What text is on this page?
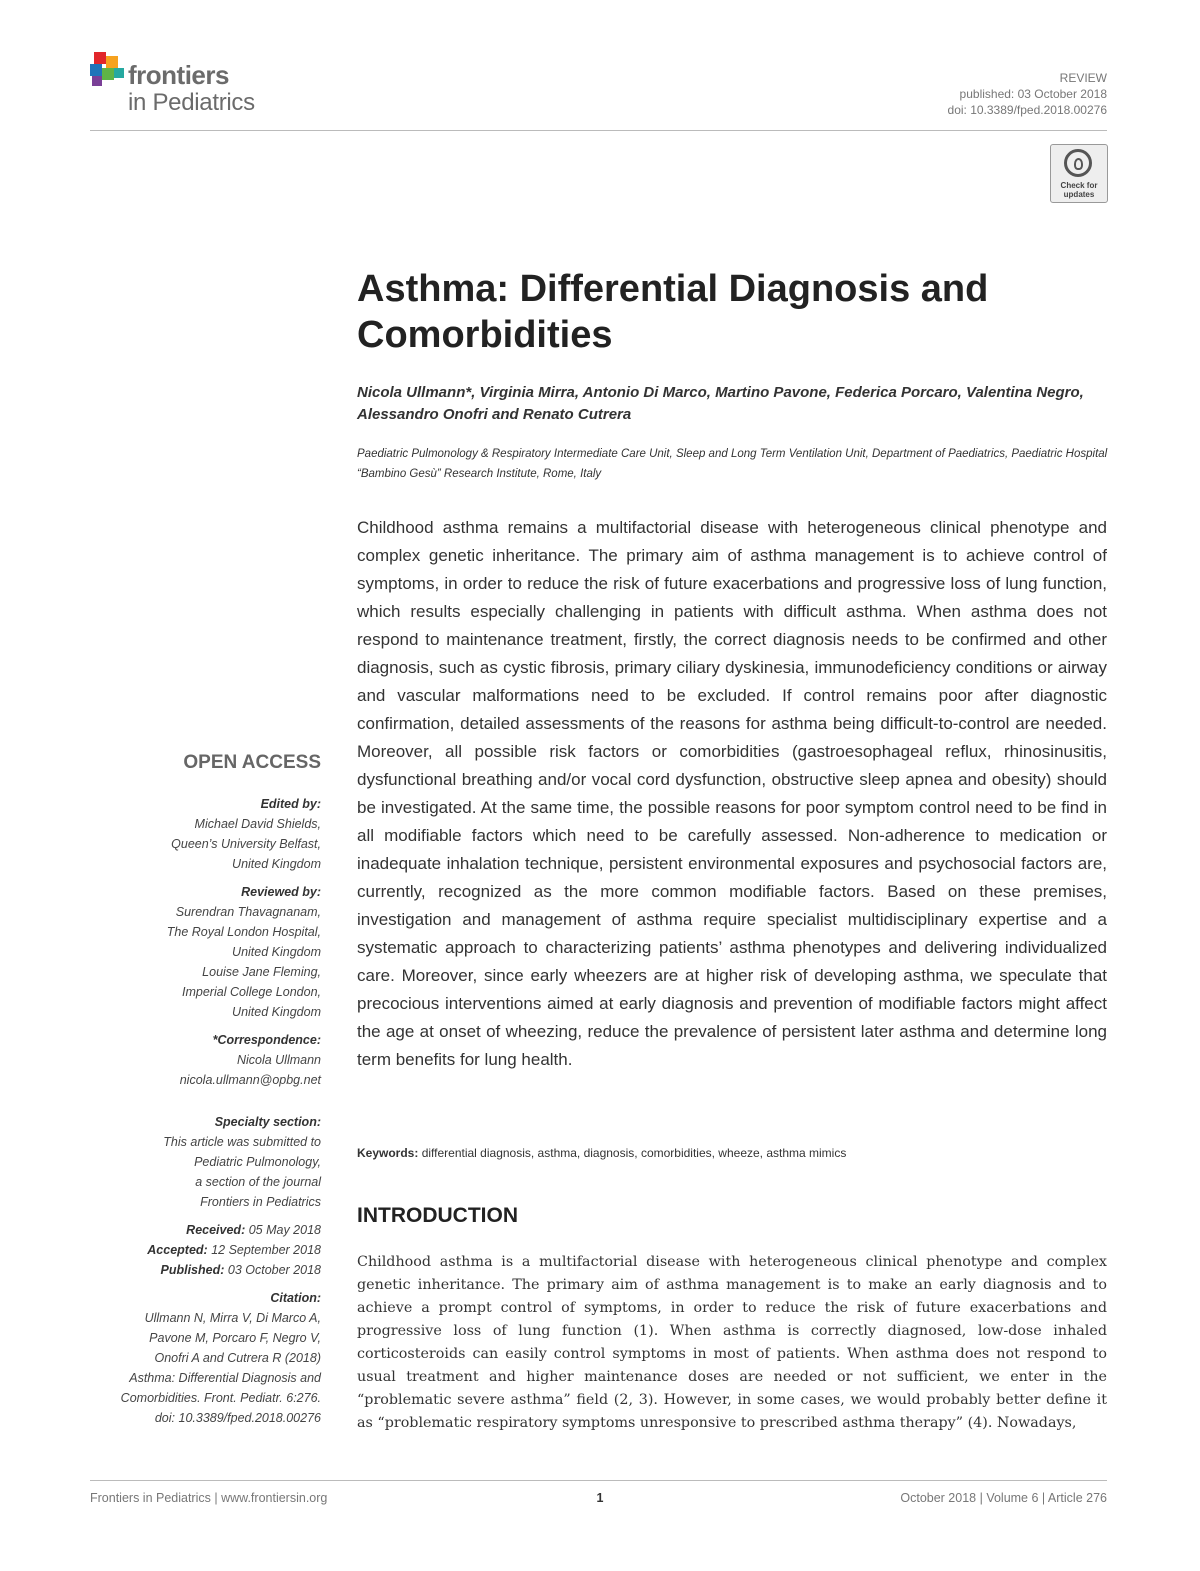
frontiers
in Pediatrics
REVIEW
published: 03 October 2018
doi: 10.3389/fped.2018.00276
Check for updates
Asthma: Differential Diagnosis and Comorbidities
Nicola Ullmann*, Virginia Mirra, Antonio Di Marco, Martino Pavone, Federica Porcaro, Valentina Negro, Alessandro Onofri and Renato Cutrera
Paediatric Pulmonology & Respiratory Intermediate Care Unit, Sleep and Long Term Ventilation Unit, Department of Paediatrics, Paediatric Hospital “Bambino Gesù” Research Institute, Rome, Italy
Childhood asthma remains a multifactorial disease with heterogeneous clinical phenotype and complex genetic inheritance. The primary aim of asthma management is to achieve control of symptoms, in order to reduce the risk of future exacerbations and progressive loss of lung function, which results especially challenging in patients with difficult asthma. When asthma does not respond to maintenance treatment, firstly, the correct diagnosis needs to be confirmed and other diagnosis, such as cystic fibrosis, primary ciliary dyskinesia, immunodeficiency conditions or airway and vascular malformations need to be excluded. If control remains poor after diagnostic confirmation, detailed assessments of the reasons for asthma being difficult-to-control are needed. Moreover, all possible risk factors or comorbidities (gastroesophageal reflux, rhinosinusitis, dysfunctional breathing and/or vocal cord dysfunction, obstructive sleep apnea and obesity) should be investigated. At the same time, the possible reasons for poor symptom control need to be find in all modifiable factors which need to be carefully assessed. Non-adherence to medication or inadequate inhalation technique, persistent environmental exposures and psychosocial factors are, currently, recognized as the more common modifiable factors. Based on these premises, investigation and management of asthma require specialist multidisciplinary expertise and a systematic approach to characterizing patients’ asthma phenotypes and delivering individualized care. Moreover, since early wheezers are at higher risk of developing asthma, we speculate that precocious interventions aimed at early diagnosis and prevention of modifiable factors might affect the age at onset of wheezing, reduce the prevalence of persistent later asthma and determine long term benefits for lung health.
Keywords: differential diagnosis, asthma, diagnosis, comorbidities, wheeze, asthma mimics
INTRODUCTION
Childhood asthma is a multifactorial disease with heterogeneous clinical phenotype and complex genetic inheritance. The primary aim of asthma management is to make an early diagnosis and to achieve a prompt control of symptoms, in order to reduce the risk of future exacerbations and progressive loss of lung function (1). When asthma is correctly diagnosed, low-dose inhaled corticosteroids can easily control symptoms in most of patients. When asthma does not respond to usual treatment and higher maintenance doses are needed or not sufficient, we enter in the “problematic severe asthma” field (2, 3). However, in some cases, we would probably better define it as “problematic respiratory symptoms unresponsive to prescribed asthma therapy” (4). Nowadays,
OPEN ACCESS
Edited by:
Michael David Shields,
Queen’s University Belfast,
United Kingdom
Reviewed by:
Surendran Thavagnanam,
The Royal London Hospital,
United Kingdom
Louise Jane Fleming,
Imperial College London,
United Kingdom
*Correspondence:
Nicola Ullmann
nicola.ullmann@opbg.net
Specialty section:
This article was submitted to
Pediatric Pulmonology,
a section of the journal
Frontiers in Pediatrics
Received: 05 May 2018
Accepted: 12 September 2018
Published: 03 October 2018
Citation:
Ullmann N, Mirra V, Di Marco A,
Pavone M, Porcaro F, Negro V,
Onofri A and Cutrera R (2018)
Asthma: Differential Diagnosis and
Comorbidities. Front. Pediatr. 6:276.
doi: 10.3389/fped.2018.00276
Frontiers in Pediatrics | www.frontiersin.org	1	October 2018 | Volume 6 | Article 276
